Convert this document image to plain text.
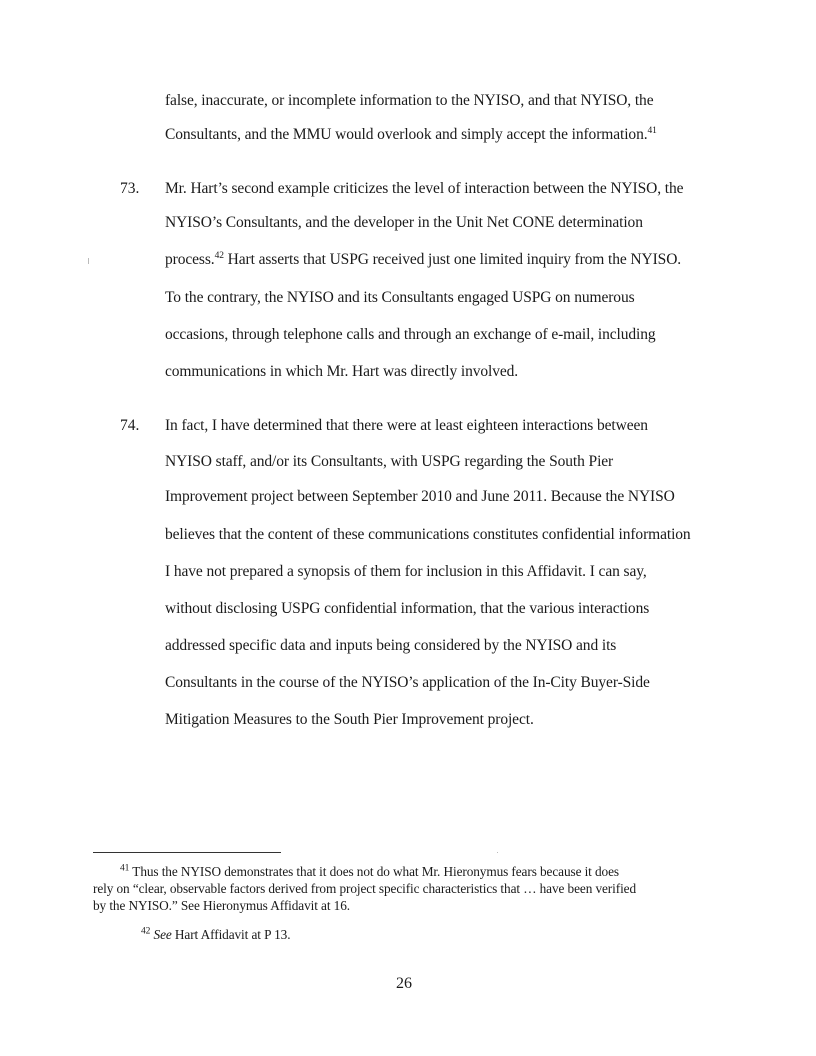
false, inaccurate, or incomplete information to the NYISO, and that NYISO, the
Consultants, and the MMU would overlook and simply accept the information.$^{41}$
73. Mr. Hart’s second example criticizes the level of interaction between the NYISO, the
NYISO’s Consultants, and the developer in the Unit Net CONE determination
process.$^{42}$ Hart asserts that USPG received just one limited inquiry from the NYISO.
To the contrary, the NYISO and its Consultants engaged USPG on numerous
occasions, through telephone calls and through an exchange of e-mail, including
communications in which Mr. Hart was directly involved.
74. In fact, I have determined that there were at least eighteen interactions between
NYISO staff, and/or its Consultants, with USPG regarding the South Pier
Improvement project between September 2010 and June 2011. Because the NYISO
believes that the content of these communications constitutes confidential information
I have not prepared a synopsis of them for inclusion in this Affidavit. I can say,
without disclosing USPG confidential information, that the various interactions
addressed specific data and inputs being considered by the NYISO and its
Consultants in the course of the NYISO’s application of the In-City Buyer-Side
Mitigation Measures to the South Pier Improvement project.
$^{41}$ Thus the NYISO demonstrates that it does not do what Mr. Hieronymus fears because it does
rely on “clear, observable factors derived from project specific characteristics that … have been verified
by the NYISO.” See Hieronymus Affidavit at 16.
$^{42}$ See Hart Affidavit at P 13.
26
